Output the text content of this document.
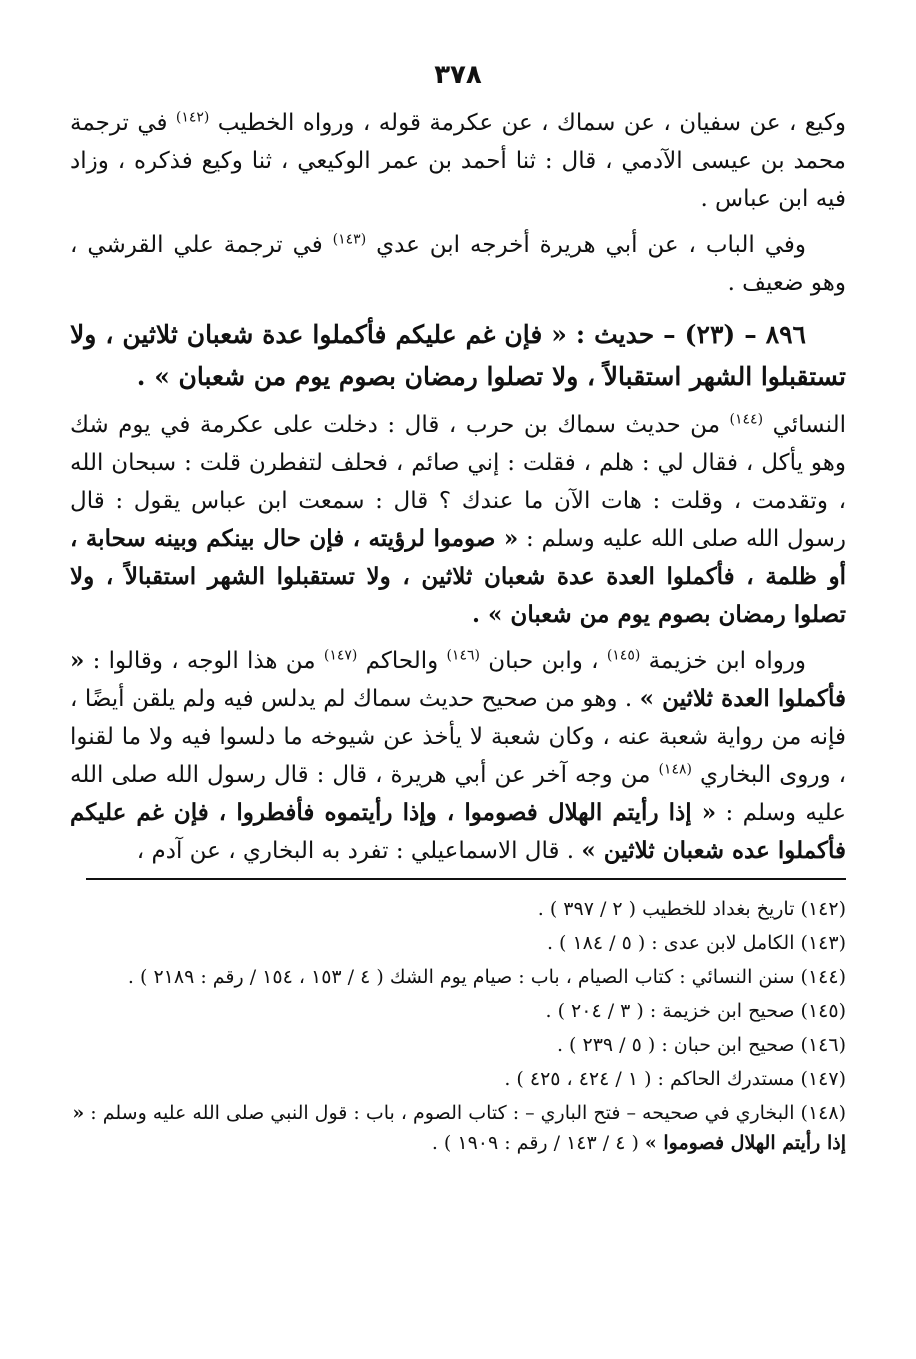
٣٧٨

وكيع ، عن سفيان ، عن سماك ، عن عكرمة قوله ، ورواه الخطيب $^{(١٤٢)}$ في ترجمة محمد بن عيسى الآدمي ، قال : ثنا أحمد بن عمر الوكيعي ، ثنا وكيع فذكره ، وزاد فيه ابن عباس .

وفي الباب ، عن أبي هريرة أخرجه ابن عدي $^{(١٤٣)}$ في ترجمة علي القرشي ، وهو ضعيف .

٨٩٦ – (٢٣) – حديث : « فإن غم عليكم فأكملوا عدة شعبان ثلاثين ، ولا تستقبلوا الشهر استقبالاً ، ولا تصلوا رمضان بصوم يوم من شعبان » .

النسائي $^{(١٤٤)}$ من حديث سماك بن حرب ، قال : دخلت على عكرمة في يوم شك وهو يأكل ، فقال لي : هلم ، فقلت : إني صائم ، فحلف لتفطرن قلت : سبحان الله ، وتقدمت ، وقلت : هات الآن ما عندك ؟ قال : سمعت ابن عباس يقول : قال رسول الله صلى الله عليه وسلم : « صوموا لرؤيته ، فإن حال بينكم وبينه سحابة ، أو ظلمة ، فأكملوا العدة عدة شعبان ثلاثين ، ولا تستقبلوا الشهر استقبالاً ، ولا تصلوا رمضان بصوم يوم من شعبان » .

ورواه ابن خزيمة $^{(١٤٥)}$ ، وابن حبان $^{(١٤٦)}$ والحاكم $^{(١٤٧)}$ من هذا الوجه ، وقالوا : « فأكملوا العدة ثلاثين » . وهو من صحيح حديث سماك لم يدلس فيه ولم يلقن أيضًا ، فإنه من رواية شعبة عنه ، وكان شعبة لا يأخذ عن شيوخه ما دلسوا فيه ولا ما لقنوا ، وروى البخاري $^{(١٤٨)}$ من وجه آخر عن أبي هريرة ، قال : قال رسول الله صلى الله عليه وسلم : « إذا رأيتم الهلال فصوموا ، وإذا رأيتموه فأفطروا ، فإن غم عليكم فأكملوا عده شعبان ثلاثين » . قال الاسماعيلي : تفرد به البخاري ، عن آدم ،

(١٤٢) تاريخ بغداد للخطيب ( ٢ / ٣٩٧ ) .

(١٤٣) الكامل لابن عدى : ( ٥ / ١٨٤ ) .

(١٤٤) سنن النسائي : كتاب الصيام ، باب : صيام يوم الشك ( ٤ / ١٥٣ ، ١٥٤ / رقم : ٢١٨٩ ) .

(١٤٥) صحيح ابن خزيمة : ( ٣ / ٢٠٤ ) .

(١٤٦) صحيح ابن حبان : ( ٥ / ٢٣٩ ) .

(١٤٧) مستدرك الحاكم : ( ١ / ٤٢٤ ، ٤٢٥ ) .

(١٤٨) البخاري في صحيحه – فتح الباري – : كتاب الصوم ، باب : قول النبي صلى الله عليه وسلم : « إذا رأيتم الهلال فصوموا » ( ٤ / ١٤٣ / رقم : ١٩٠٩ ) .
